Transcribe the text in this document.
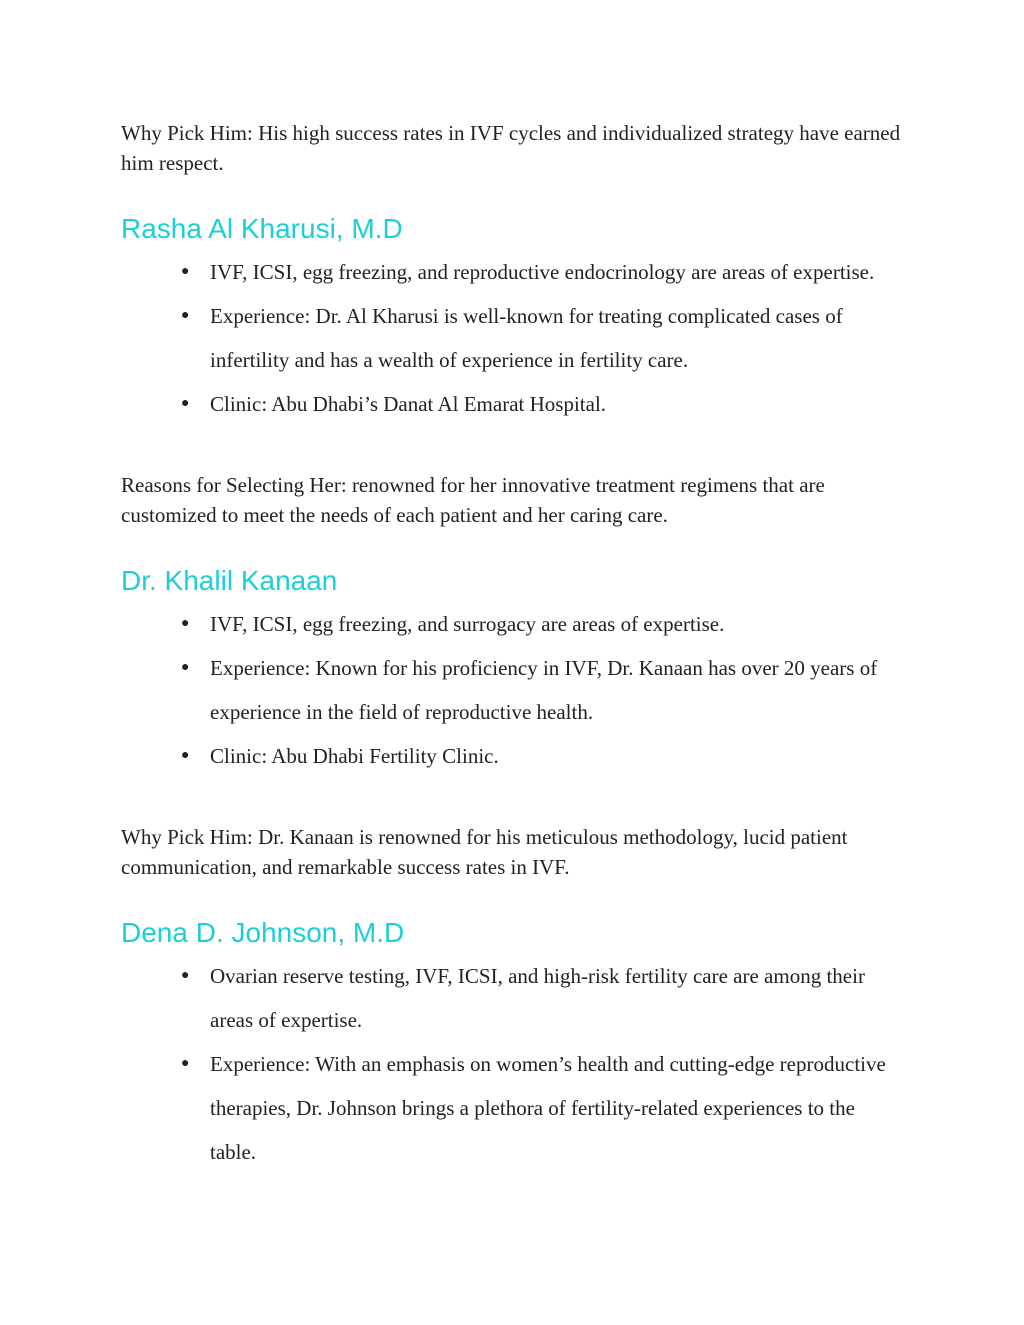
Why Pick Him: His high success rates in IVF cycles and individualized strategy have earned him respect.

Rasha Al Kharusi, M.D
● IVF, ICSI, egg freezing, and reproductive endocrinology are areas of expertise.
● Experience: Dr. Al Kharusi is well-known for treating complicated cases of infertility and has a wealth of experience in fertility care.
● Clinic: Abu Dhabi’s Danat Al Emarat Hospital.

Reasons for Selecting Her: renowned for her innovative treatment regimens that are customized to meet the needs of each patient and her caring care.

Dr. Khalil Kanaan
● IVF, ICSI, egg freezing, and surrogacy are areas of expertise.
● Experience: Known for his proficiency in IVF, Dr. Kanaan has over 20 years of experience in the field of reproductive health.
● Clinic: Abu Dhabi Fertility Clinic.

Why Pick Him: Dr. Kanaan is renowned for his meticulous methodology, lucid patient communication, and remarkable success rates in IVF.

Dena D. Johnson, M.D
● Ovarian reserve testing, IVF, ICSI, and high-risk fertility care are among their areas of expertise.
● Experience: With an emphasis on women’s health and cutting-edge reproductive therapies, Dr. Johnson brings a plethora of fertility-related experiences to the table.
